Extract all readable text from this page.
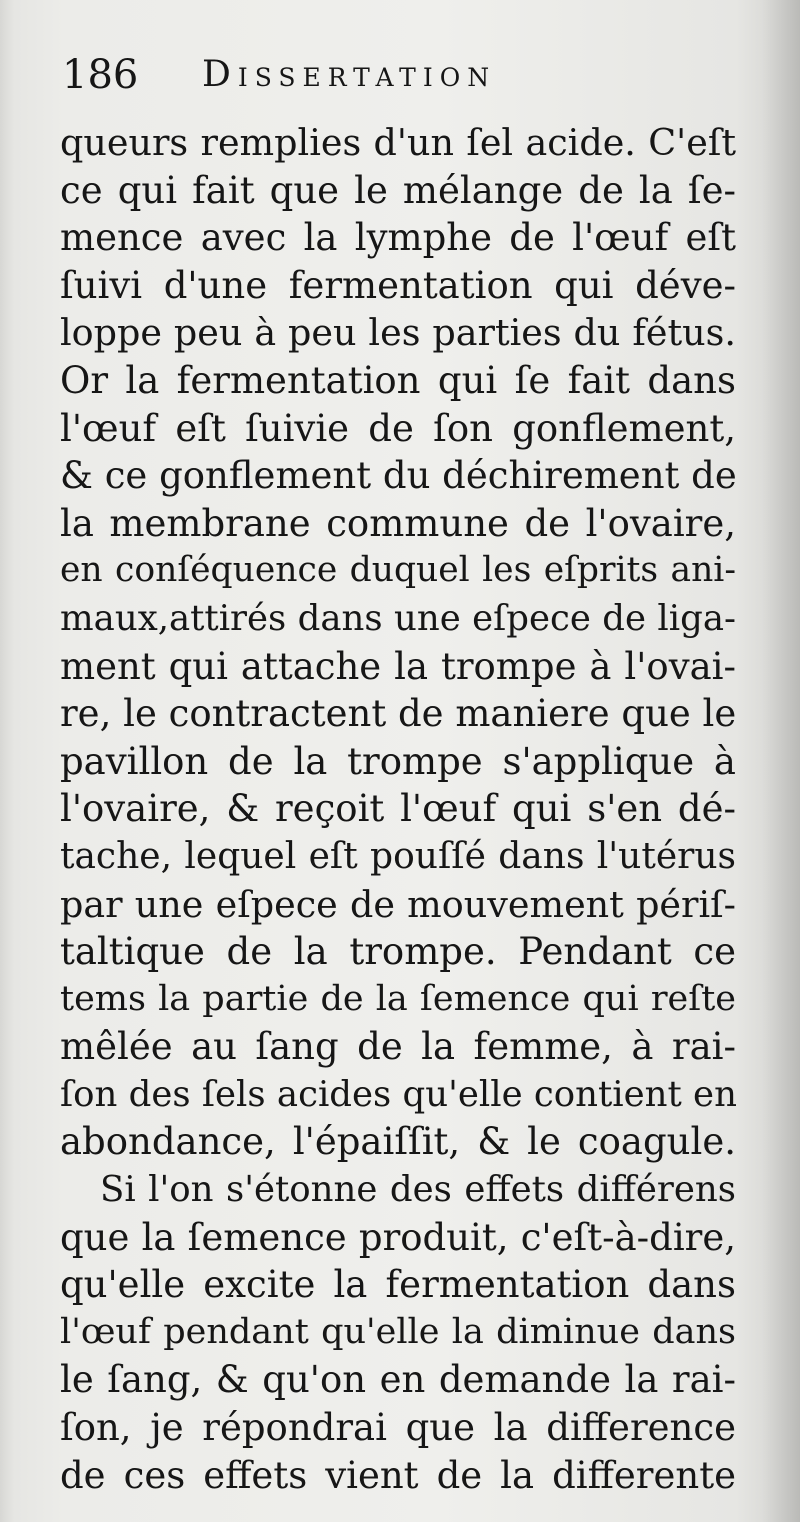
186 Dissertation
queurs remplies d'un ſel acide. C'eſt
ce qui fait que le mélange de la ſe-
mence avec la lymphe de l'œuf eſt
ſuivi d'une fermentation qui déve-
loppe peu à peu les parties du fétus.
Or la fermentation qui ſe fait dans
l'œuf eſt ſuivie de ſon gonflement,
& ce gonflement du déchirement de
la membrane commune de l'ovaire,
en conſéquence duquel les eſprits ani-
maux,attirés dans une eſpece de liga-
ment qui attache la trompe à l'ovai-
re, le contractent de maniere que le
pavillon de la trompe s'applique à
l'ovaire, & reçoit l'œuf qui s'en dé-
tache, lequel eſt pouſſé dans l'utérus
par une eſpece de mouvement périſ-
taltique de la trompe. Pendant ce
tems la partie de la ſemence qui reſte
mêlée au ſang de la femme, à rai-
ſon des ſels acides qu'elle contient en
abondance, l'épaiſſit, & le coagule.
Si l'on s'étonne des effets différens
que la ſemence produit, c'eſt-à-dire,
qu'elle excite la fermentation dans
l'œuf pendant qu'elle la diminue dans
le ſang, & qu'on en demande la rai-
ſon, je répondrai que la difference
de ces effets vient de la differente
